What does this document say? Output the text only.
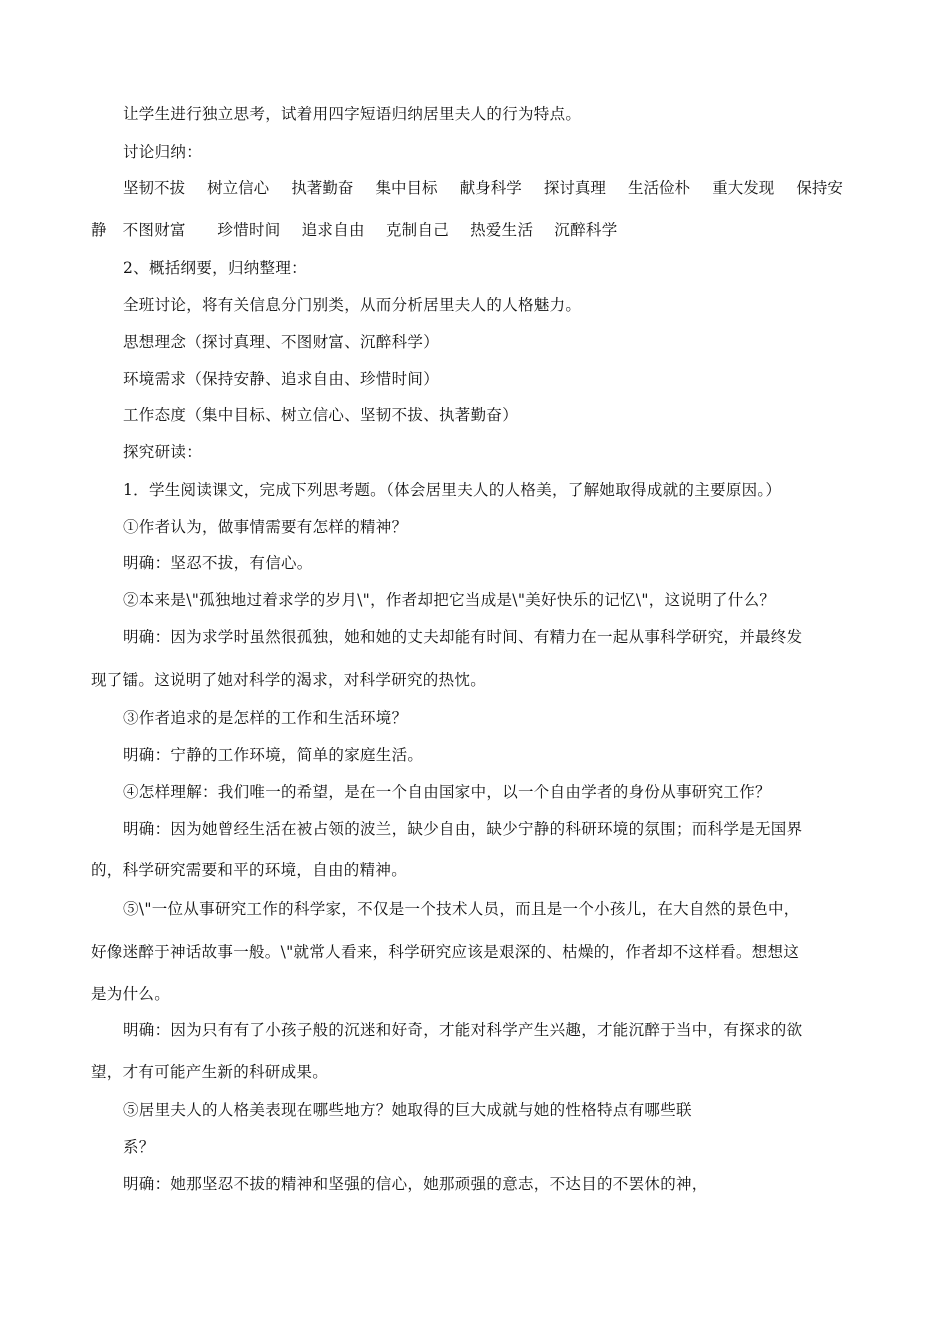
让学生进行独立思考，试着用四字短语归纳居里夫人的行为特点。
讨论归纳：
坚韧不拔 树立信心 执著勤奋 集中目标 献身科学 探讨真理 生活俭朴 重大发现 保持安
静　不图财富　　珍惜时间　 追求自由　 克制自己　 热爱生活　 沉醉科学
2、概括纲要，归纳整理：
全班讨论，将有关信息分门别类，从而分析居里夫人的人格魅力。
思想理念（探讨真理、不图财富、沉醉科学）
环境需求（保持安静、追求自由、珍惜时间）
工作态度（集中目标、树立信心、坚韧不拔、执著勤奋）
探究研读：
1．学生阅读课文，完成下列思考题。（体会居里夫人的人格美，了解她取得成就的主要原因。）
①作者认为，做事情需要有怎样的精神？
明确：坚忍不拔，有信心。
②本来是\"孤独地过着求学的岁月\"，作者却把它当成是\"美好快乐的记忆\"，这说明了什么？
明确：因为求学时虽然很孤独，她和她的丈夫却能有时间、有精力在一起从事科学研究，并最终发
现了镭。这说明了她对科学的渴求，对科学研究的热忱。
③作者追求的是怎样的工作和生活环境？
明确：宁静的工作环境，简单的家庭生活。
④怎样理解：我们唯一的希望，是在一个自由国家中，以一个自由学者的身份从事研究工作？
明确：因为她曾经生活在被占领的波兰，缺少自由，缺少宁静的科研环境的氛围；而科学是无国界
的，科学研究需要和平的环境，自由的精神。
⑤\"一位从事研究工作的科学家，不仅是一个技术人员，而且是一个小孩儿，在大自然的景色中，
好像迷醉于神话故事一般。\"就常人看来，科学研究应该是艰深的、枯燥的，作者却不这样看。想想这
是为什么。
明确：因为只有有了小孩子般的沉迷和好奇，才能对科学产生兴趣，才能沉醉于当中，有探求的欲
望，才有可能产生新的科研成果。
⑤居里夫人的人格美表现在哪些地方？她取得的巨大成就与她的性格特点有哪些联
系？
明确：她那坚忍不拔的精神和坚强的信心，她那顽强的意志，不达目的不罢休的神，
